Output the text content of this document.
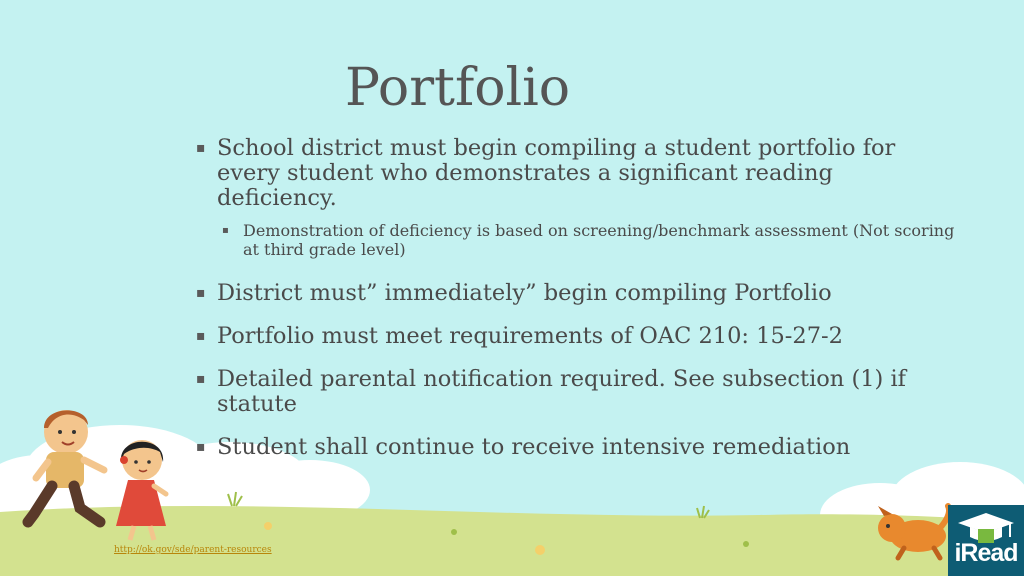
Portfolio
▪ School district must begin compiling a student portfolio for every student who demonstrates a significant reading deficiency.
▪ Demonstration of deficiency is based on screening/benchmark assessment (Not scoring at third grade level)
▪ District must” immediately” begin compiling Portfolio
▪ Portfolio must meet requirements of OAC 210: 15-27-2
▪ Detailed parental notification required. See subsection (1) if statute
▪ Student shall continue to receive intensive remediation
http://ok.gov/sde/parent-resources	iRead
